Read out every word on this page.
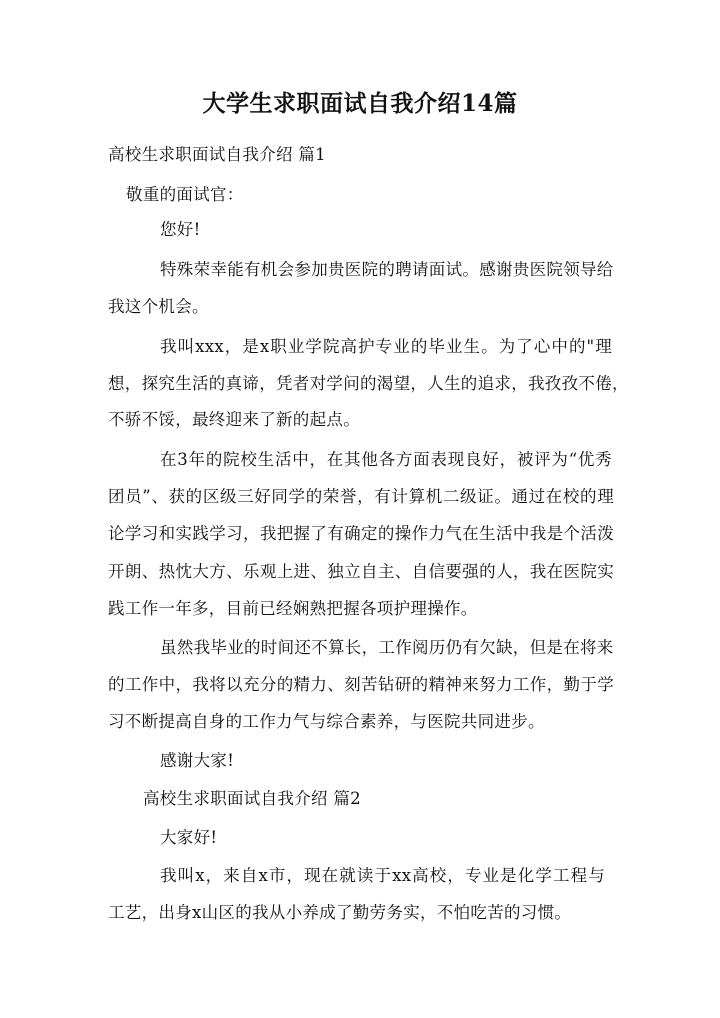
大学生求职面试自我介绍14篇
高校生求职面试自我介绍 篇1
敬重的面试官：
您好!
特殊荣幸能有机会参加贵医院的聘请面试。感谢贵医院领导给
我这个机会。
我叫xxx，是x职业学院高护专业的毕业生。为了心中的"理
想，探究生活的真谛，凭者对学问的渴望，人生的追求，我孜孜不倦，
不骄不馁，最终迎来了新的起点。
在3年的院校生活中，在其他各方面表现良好，被评为“优秀
团员”、获的区级三好同学的荣誉，有计算机二级证。通过在校的理
论学习和实践学习，我把握了有确定的操作力气在生活中我是个活泼
开朗、热忱大方、乐观上进、独立自主、自信要强的人，我在医院实
践工作一年多，目前已经娴熟把握各项护理操作。
虽然我毕业的时间还不算长，工作阅历仍有欠缺，但是在将来
的工作中，我将以充分的精力、刻苦钻研的精神来努力工作，勤于学
习不断提高自身的工作力气与综合素养，与医院共同进步。
感谢大家!
高校生求职面试自我介绍 篇2
大家好!
我叫x，来自x市，现在就读于xx高校，专业是化学工程与
工艺，出身x山区的我从小养成了勤劳务实，不怕吃苦的习惯。
